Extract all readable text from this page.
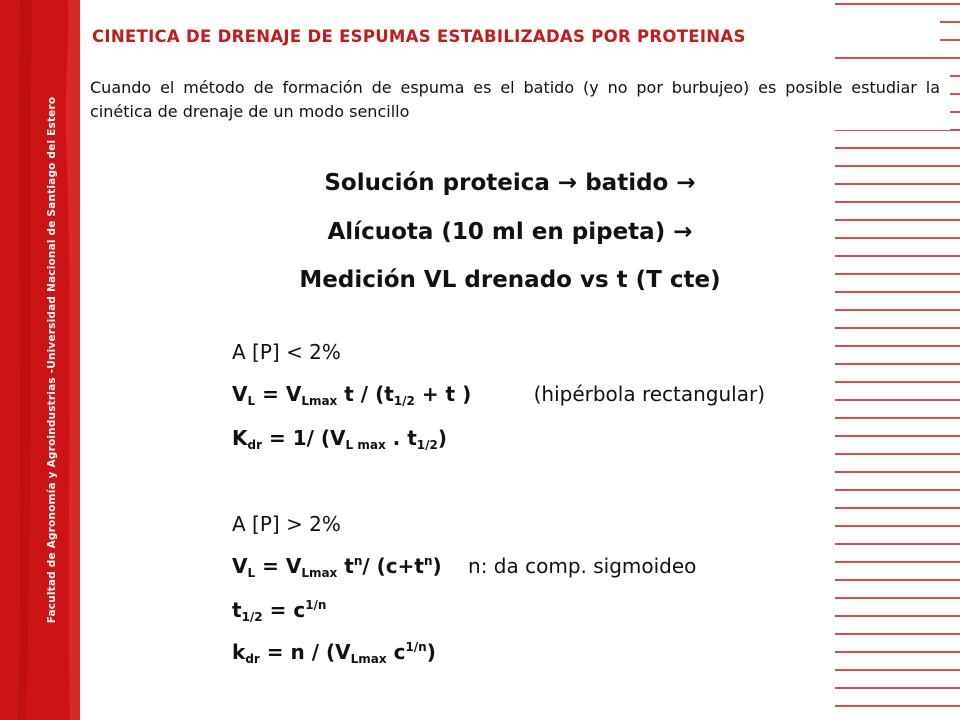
Facultad de Agronomía y Agroindustrias -Universidad Nacional de Santiago del Estero
CINETICA DE DRENAJE DE ESPUMAS ESTABILIZADAS POR PROTEINAS
Cuando el método de formación de espuma es el batido (y no por burbujeo) es posible estudiar la cinética de drenaje de un modo sencillo
Solución proteica → batido →
Alícuota (10 ml en pipeta) →
Medición VL drenado vs t (T cte)
A [P] < 2%
$V_L = V_{Lmax}$ $t / (t_{1/2} + t$ )	(hipérbola rectangular)
$K_{dr} = 1/$ ($V_{L max}$ . $t_{1/2}$)
A [P] > 2%
$V_L = V_{Lmax}$ $t^n/$ $(c+t^n)$ n: da comp. sigmoideo
$t_{1/2} = c^{1/n}$
$k_{dr} = n / (V_{Lmax}$ $c^{1/n}$)
